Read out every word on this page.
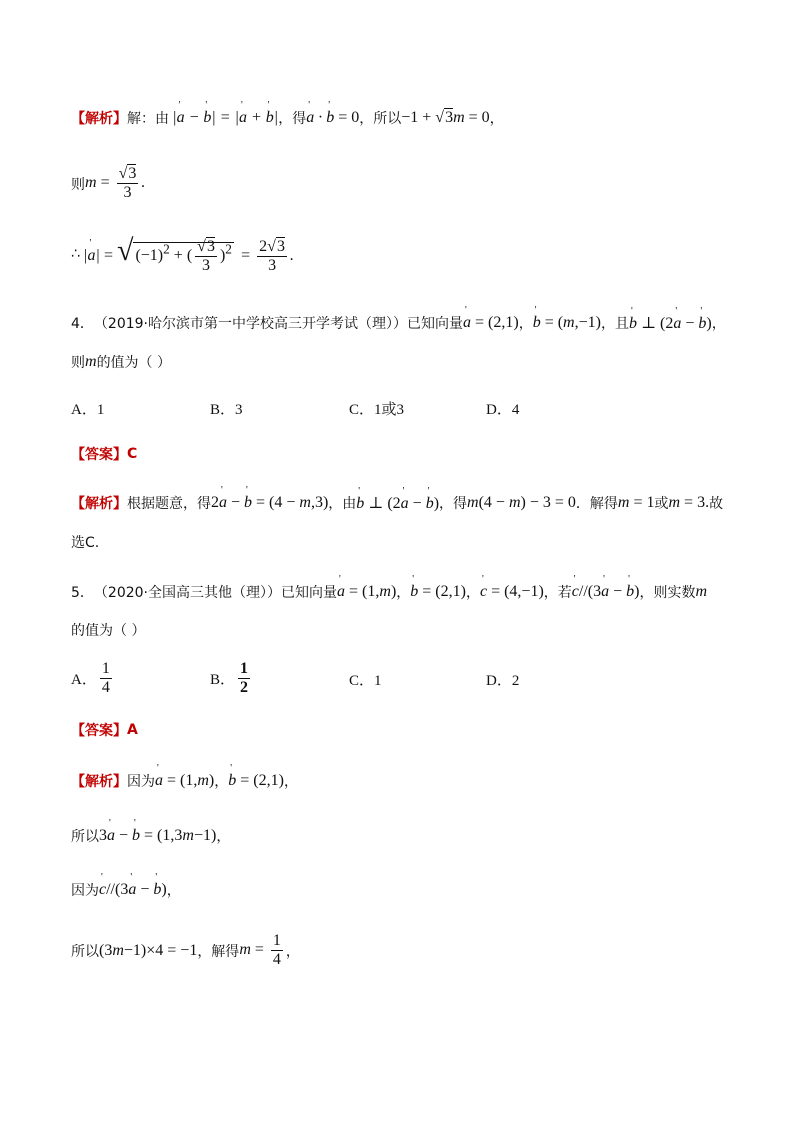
【解析】 解：由  |' a − ' b| = |' a + ' b| ，得 ' a · ' b = 0 ，所以 −1 + √3m = 0 ，
则 $m = \frac{√3}{3}$ .
∴  |' a| = √ $(-1)^2$ + ( $\frac{√3}{3} )^2 = \frac{2√3}{3}$ .
4． （2019·哈尔滨市第一中学校高三开学考试（理））已知向量 ' a = (2,1) ， ' b = (m,−1) ，且 ' b ⊥ (2' a − ' b) ，
则 m 的值为（ ）
A．1	B．3	C．1或3	D．4
【答案】 C
【解析】 根据题意，得 2' a − ' b = (4 − m,3) ，由 ' b ⊥ (2' a − ' b) ，得 m(4 − m) − 3 = 0 ．解得 m = 1 或 m = 3. 故
选C.
5． （2020·全国高三其他（理））已知向量 ' a = (1,m) ， ' b = (2,1) ， ' c = (4,−1) ，若 ' c//(3' a − ' b) ，则实数 m
的值为（ ）
A． $\frac{1}{4}$	B． $\frac{1}{2}$	C．1	D．2
【答案】 A
【解析】 因为 ' a = (1,m) ， ' b = (2,1) ，
所以 3' a − ' b = (1,3m−1) ，
因为 ' c//(3' a − ' b) ，
所以 (3m−1)×4 = −1 ，解得 $m = \frac{1}{4}$ ，
